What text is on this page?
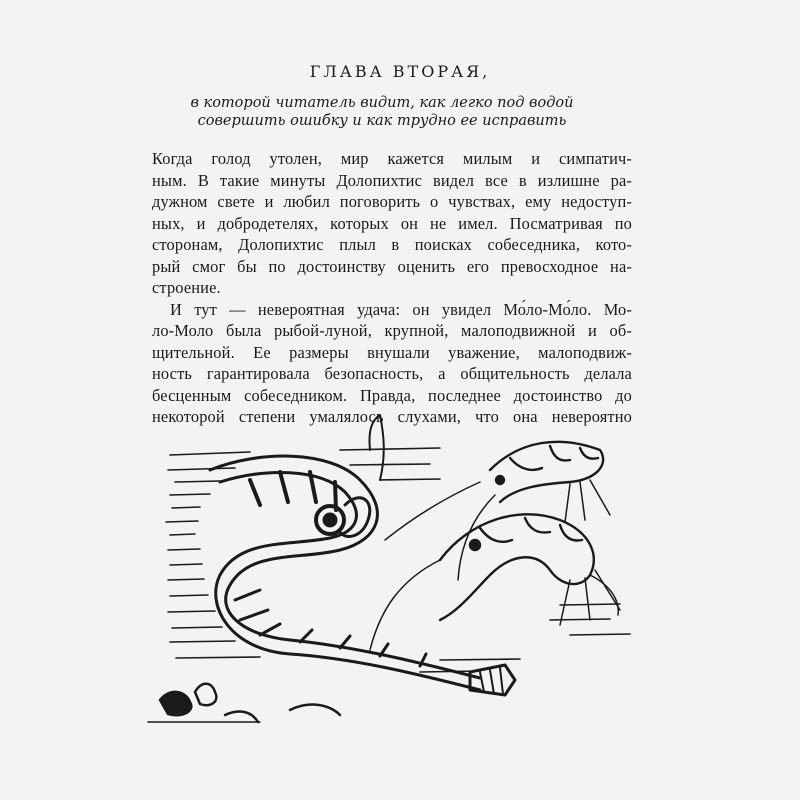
ГЛАВА ВТОРАЯ,
в которой читатель видит, как легко под водой
совершить ошибку и как трудно ее исправить
Когда голод утолен, мир кажется милым и симпатич-
ным. В такие минуты Долопихтис видел все в излишне ра-
дужном свете и любил поговорить о чувствах, ему недоступ-
ных, и добродетелях, которых он не имел. Посматривая по
сторонам, Долопихтис плыл в поисках собеседника, кото-
рый смог бы по достоинству оценить его превосходное на-
строение.
И тут — невероятная удача: он увидел Мо́ло-Мо́ло. Мо-
ло-Моло была рыбой-луной, крупной, малоподвижной и об-
щительной. Ее размеры внушали уважение, малоподвиж-
ность гарантировала безопасность, а общительность делала
бесценным собеседником. Правда, последнее достоинство до
некоторой степени умалялось слухами, что она невероятно
